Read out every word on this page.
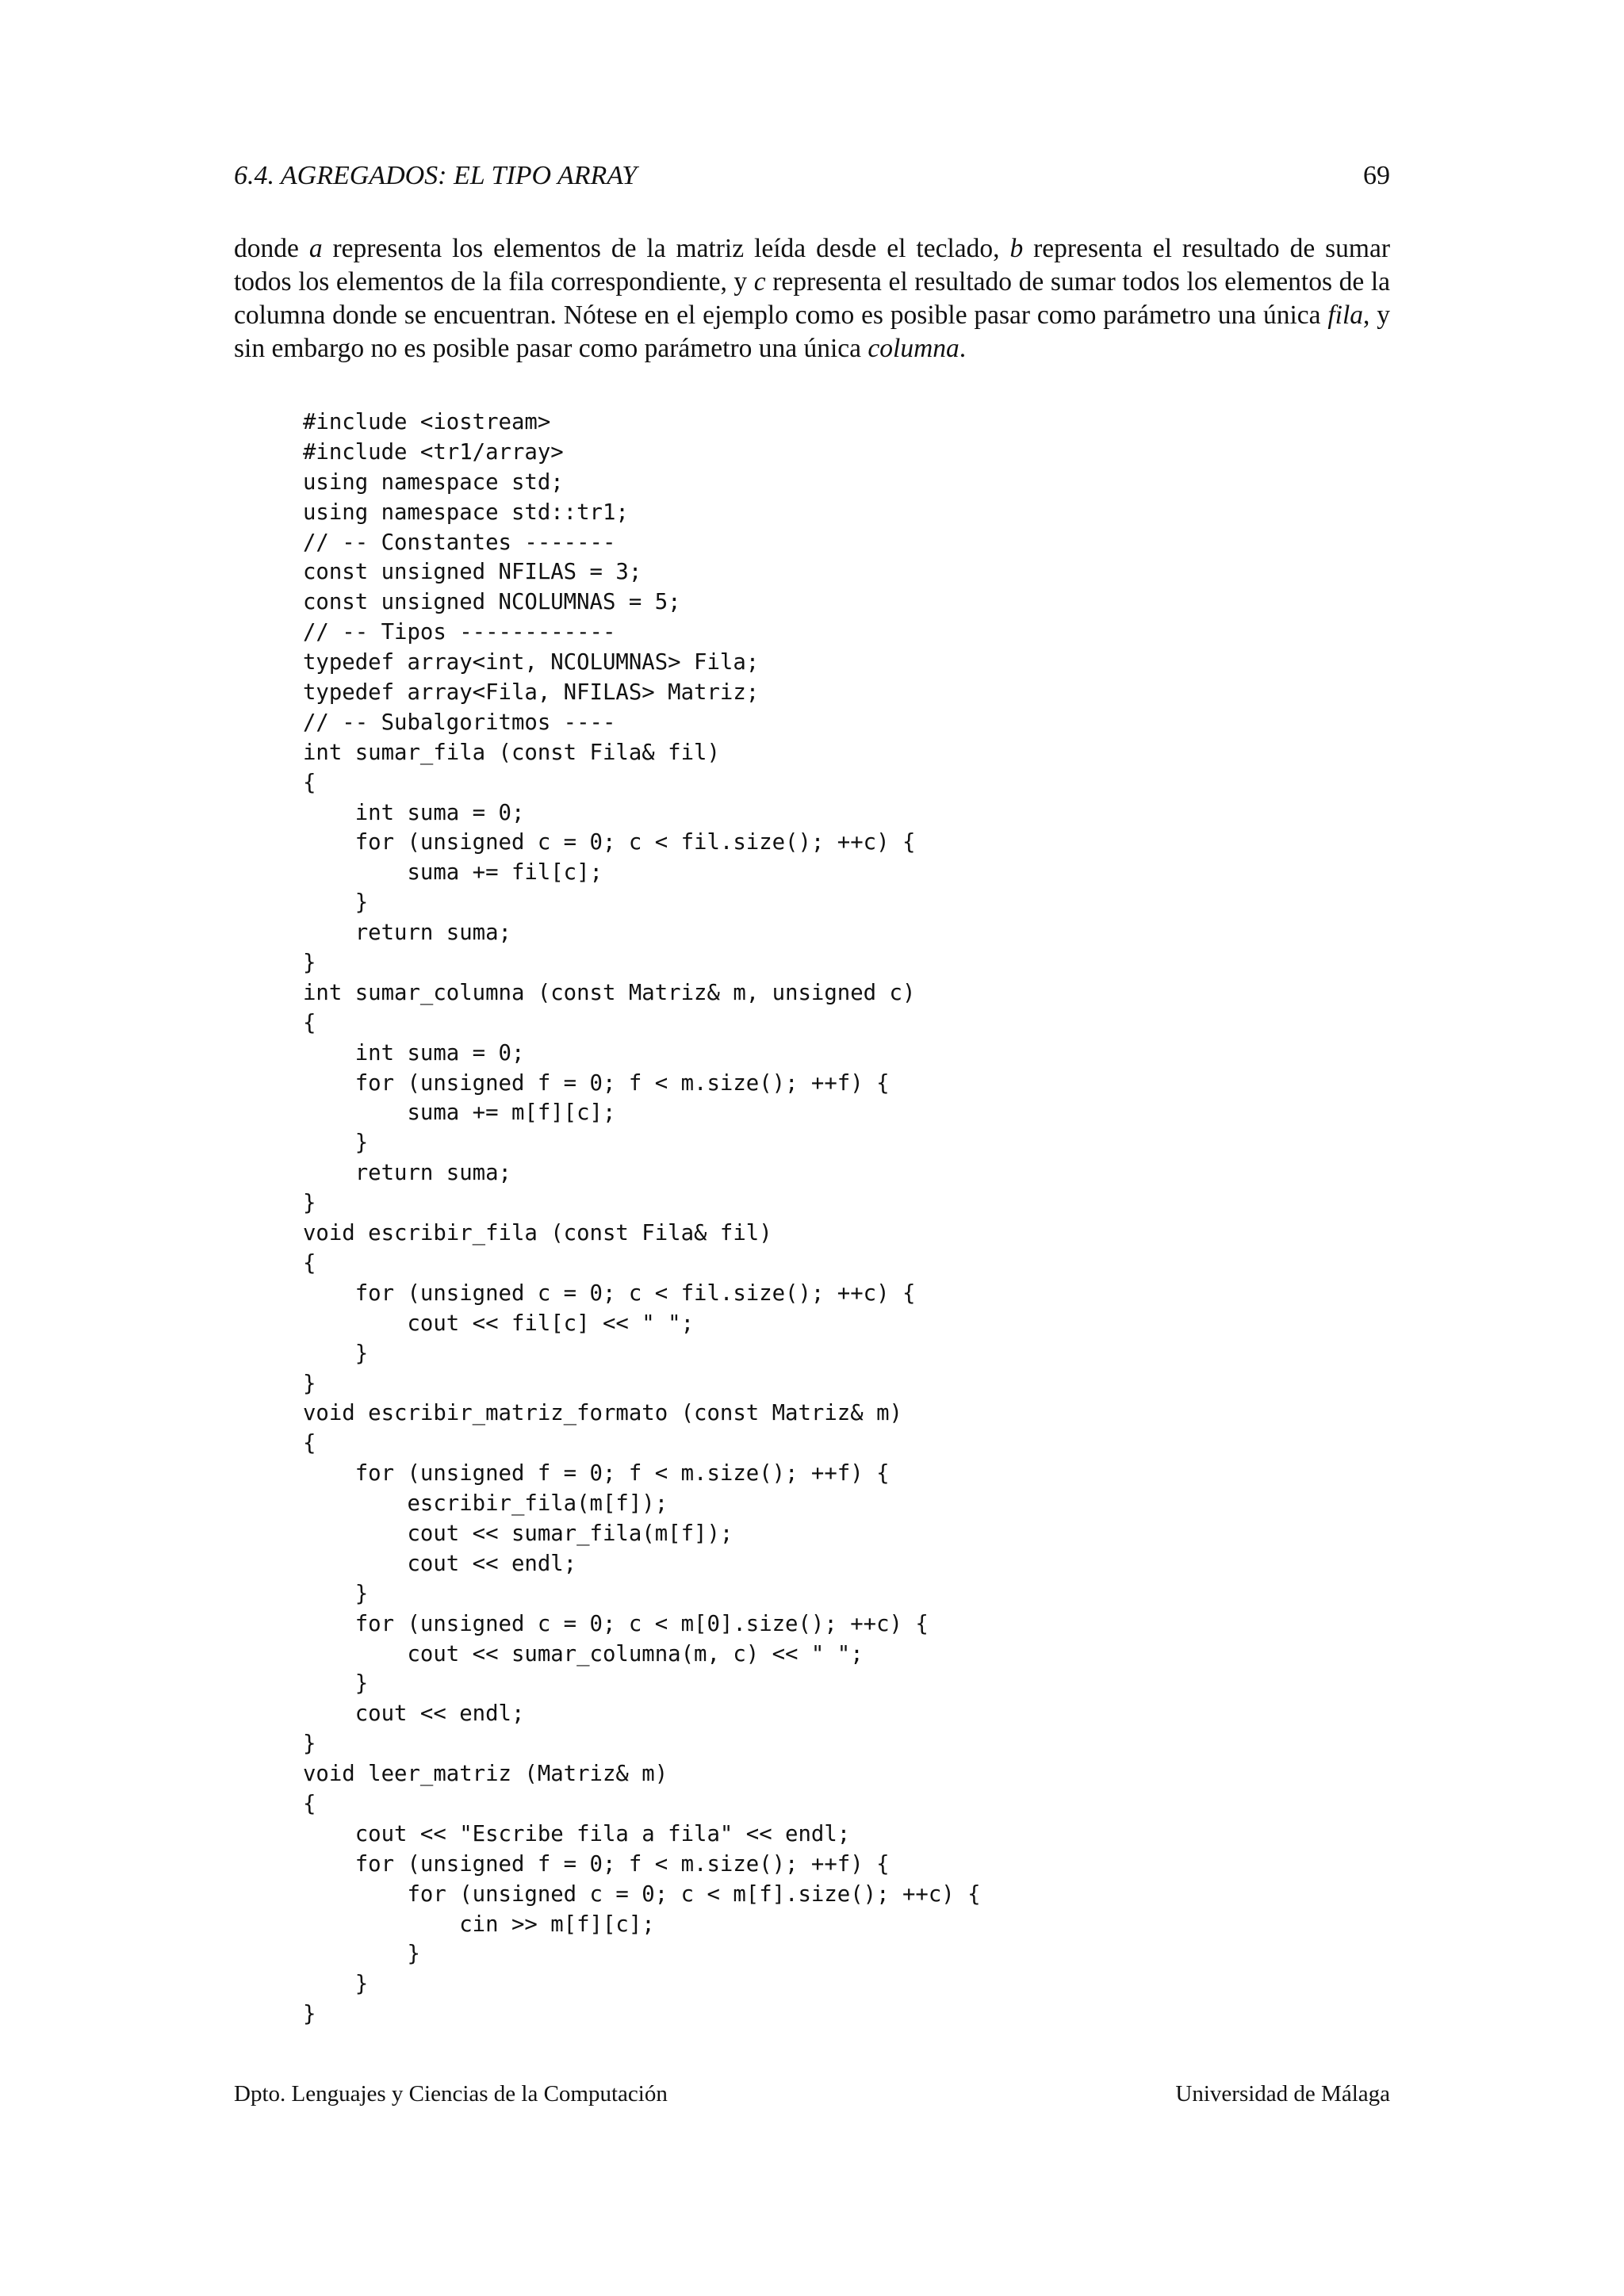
6.4. AGREGADOS: EL TIPO ARRAY	69

donde a representa los elementos de la matriz leída desde el teclado, b representa el resultado de sumar todos los elementos de la fila correspondiente, y c representa el resultado de sumar todos los elementos de la columna donde se encuentran. Nótese en el ejemplo como es posible pasar como parámetro una única fila, y sin embargo no es posible pasar como parámetro una única columna.

#include <iostream>
#include <tr1/array>
using namespace std;
using namespace std::tr1;
// -- Constantes -------
const unsigned NFILAS = 3;
const unsigned NCOLUMNAS = 5;
// -- Tipos ------------
typedef array<int, NCOLUMNAS> Fila;
typedef array<Fila, NFILAS> Matriz;
// -- Subalgoritmos ----
int sumar_fila (const Fila& fil)
{
int suma = 0;
for (unsigned c = 0; c < fil.size(); ++c) {
suma += fil[c];
}
return suma;
}
int sumar_columna (const Matriz& m, unsigned c)
{
int suma = 0;
for (unsigned f = 0; f < m.size(); ++f) {
suma += m[f][c];
}
return suma;
}
void escribir_fila (const Fila& fil)
{
for (unsigned c = 0; c < fil.size(); ++c) {
cout << fil[c] << " ";
}
}
void escribir_matriz_formato (const Matriz& m)
{
for (unsigned f = 0; f < m.size(); ++f) {
escribir_fila(m[f]);
cout << sumar_fila(m[f]);
cout << endl;
}
for (unsigned c = 0; c < m[0].size(); ++c) {
cout << sumar_columna(m, c) << " ";
}
cout << endl;
}
void leer_matriz (Matriz& m)
{
cout << "Escribe fila a fila" << endl;
for (unsigned f = 0; f < m.size(); ++f) {
for (unsigned c = 0; c < m[f].size(); ++c) {
cin >> m[f][c];
}
}
}
Dpto. Lenguajes y Ciencias de la Computación	Universidad de Málaga
